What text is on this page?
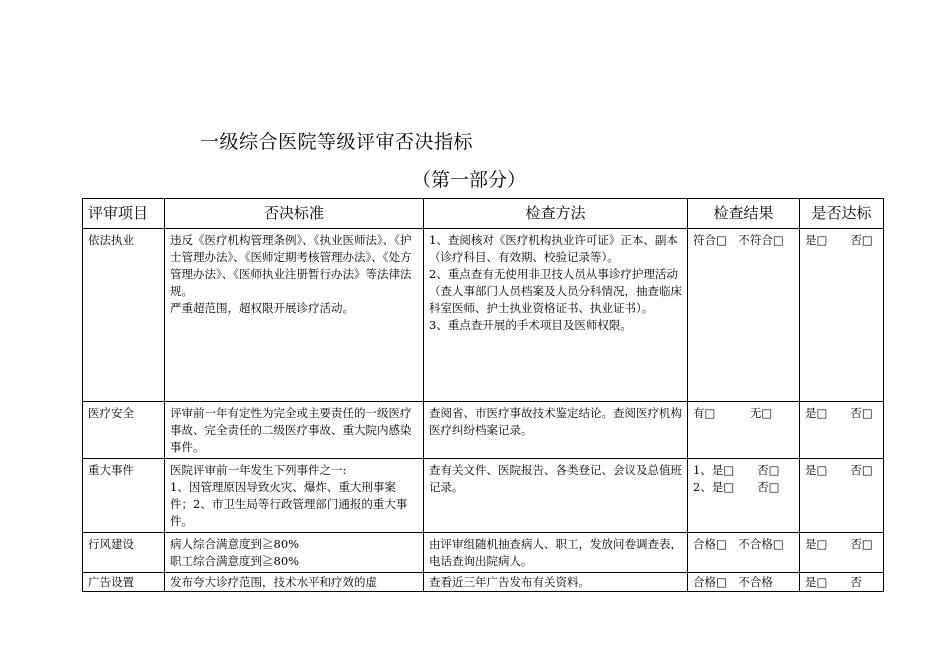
一级综合医院等级评审否决指标
（第一部分）
评审项目	否决标准	检查方法	检查结果	是否达标
依法执业	违反《医疗机构管理条例》、《执业医师法》、《护士管理办法》、《医师定期考核管理办法》、《处方管理办法》、《医师执业注册暂行办法》等法律法规。
严重超范围，超权限开展诊疗活动。	1、查阅核对《医疗机构执业许可证》正本、副本（诊疗科目、有效期、校验记录等）。
2、重点查有无使用非卫技人员从事诊疗护理活动（查人事部门人员档案及人员分科情况，抽查临床科室医师、护士执业资格证书、执业证书）。
3、重点查开展的手术项目及医师权限。	符合□　不符合□	是□　　否□

医疗安全	评审前一年有定性为完全或主要责任的一级医疗事故、完全责任的二级医疗事故、重大院内感染事件。	查阅省、市医疗事故技术鉴定结论。查阅医疗机构医疗纠纷档案记录。	有□　　　无□	是□　　否□

重大事件	医院评审前一年发生下列事件之一:
1、因管理原因导致火灾、爆炸、重大刑事案件；2、市卫生局等行政管理部门通报的重大事件。	查有关文件、医院报告、各类登记、会议及总值班记录。	1、是□　　否□
2、是□　　否□	是□　　否□

行风建设	病人综合满意度到≧80%
职工综合满意度到≧80%	由评审组随机抽查病人、职工，发放问卷调查表，电话查询出院病人。	合格□　不合格□	是□　　否□

广告设置	发布夸大诊疗范围，技术水平和疗效的虚	查看近三年广告发布有关资料。	合格□　不合格	是□　　否
